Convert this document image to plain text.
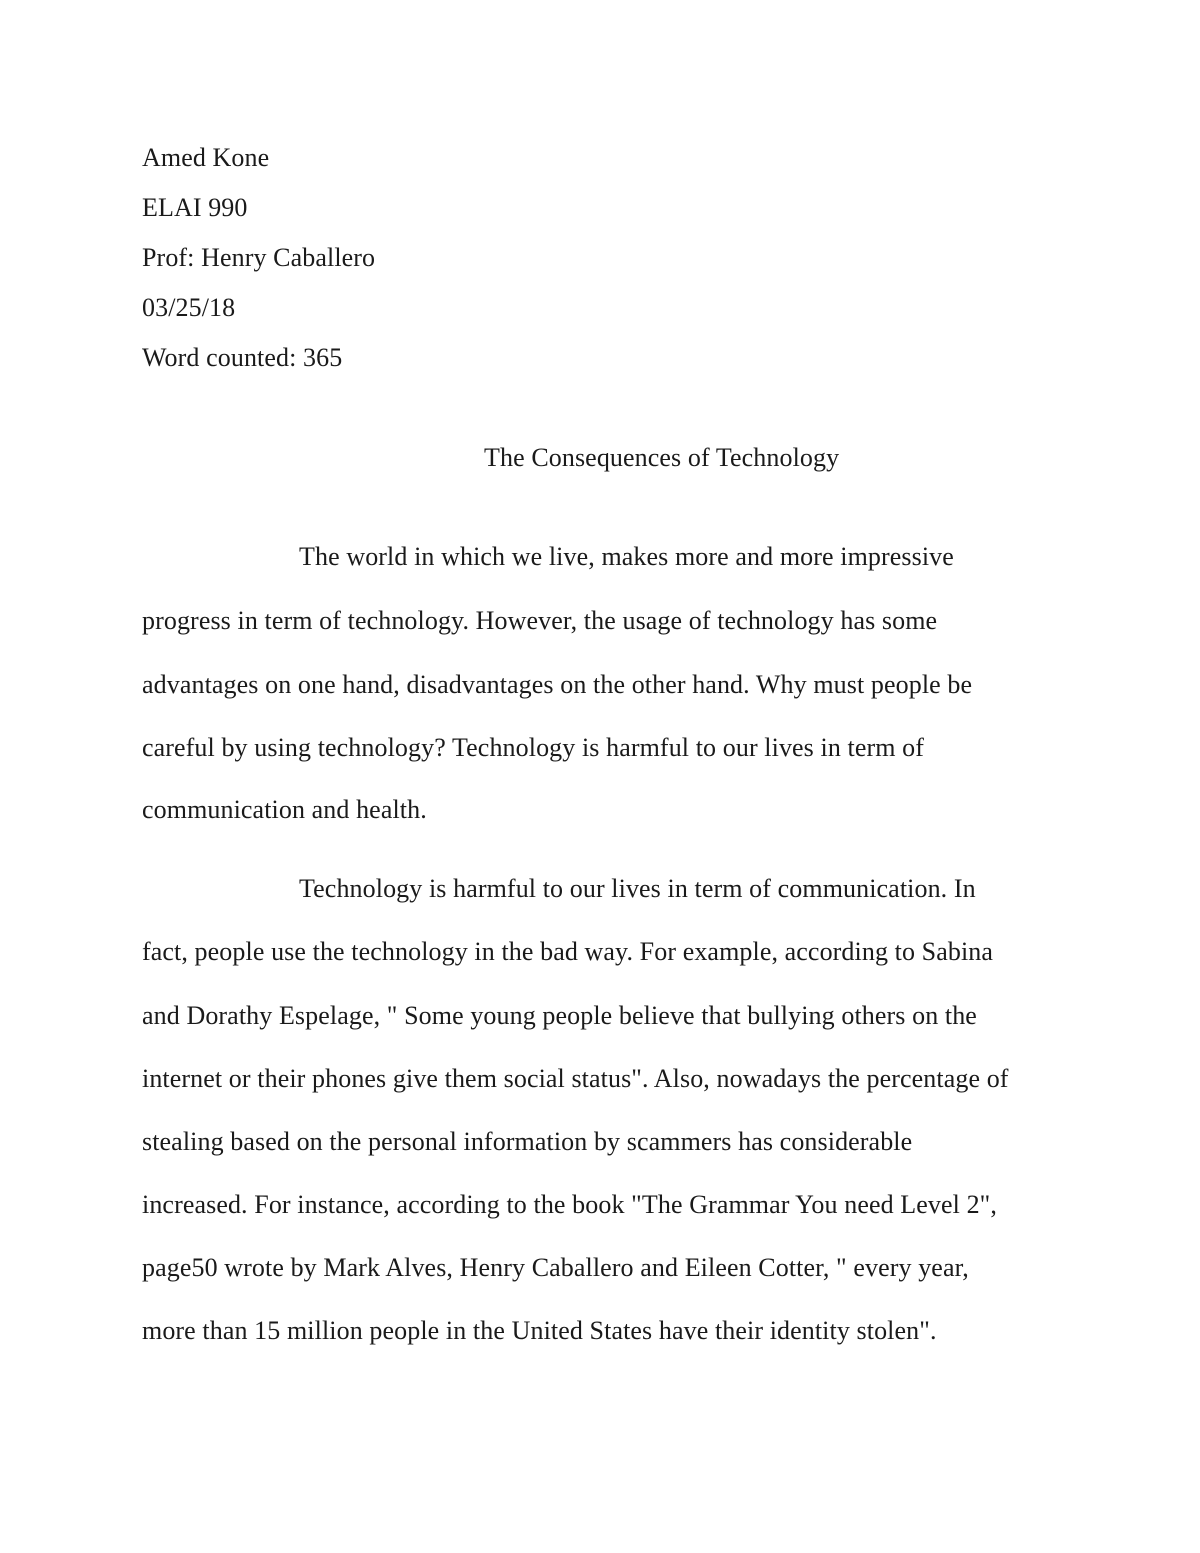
Amed Kone
ELAI 990
Prof: Henry Caballero
03/25/18
Word counted: 365
The Consequences of Technology
The world in which we live, makes more and more impressive
progress in term of technology. However, the usage of technology has some
advantages on one hand, disadvantages on the other hand. Why must people be
careful by using technology? Technology is harmful to our lives in term of
communication and health.
Technology is harmful to our lives in term of communication. In
fact, people use the technology in the bad way. For example, according to Sabina
and Dorathy Espelage, " Some young people believe that bullying others on the
internet or their phones give them social status". Also, nowadays the percentage of
stealing based on the personal information by scammers has considerable
increased. For instance, according to the book "The Grammar You need Level 2",
page50 wrote by Mark Alves, Henry Caballero and Eileen Cotter, " every year,
more than 15 million people in the United States have their identity stolen".
